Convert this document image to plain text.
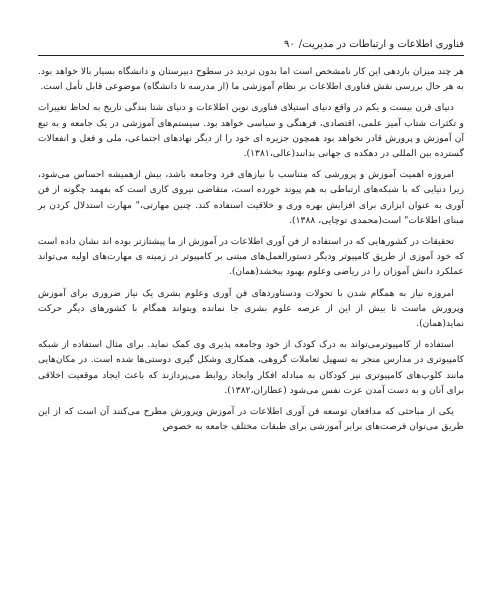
فناوری اطلاعات و ارتباطات در مدیریت/
۹۰

هر چند میزان بازدهی این کار نامشخص است اما بدون تردید در سطوح دبیرستان و دانشگاه بسیار بالا خواهد بود. به هر حال بررسی نقش فناوری اطلاعات بر نظام آموزشی ما (از مدرسه تا دانشگاه) موضوعی قابل تأمل است.

دنیای قرن بیست و یکم در واقع دنیای استیلای فناوری نوین اطلاعات و دنیای شتا بندگی تاریخ به لحاظ تغییرات و تکثرات شتاب آمیز علمی، اقتصادی، فرهنگی و سیاسی خواهد بود. سیستم‌های آموزشی در یک جامعه و به تبع آن آموزش و پرورش قادر نخواهد بود همچون جزیره ای خود را از دیگر نهادهای اجتماعی، ملی و فعل و انفعالات گسترده بین المللی در دهکده ی جهانی بدانند(عالی،۱۳۸۱).

امروزه اهمیت آموزش و پرورشی که متناسب با نیازهای فرد وجامعه باشد، بیش ازهمیشه احساس می‌شود، زیرا دنیایی که با شبکه‌های ارتباطی به هم پیوند خورده است، متقاضی نیروی کاری است که بفهمد چگونه از فن آوری به عنوان ابزاری برای افزایش بهره وری و خلاقیت استفاده کند. چنین مهارتی،" مهارت استدلال کردن بر مبنای اطلاعات" است(محمدی توچایی، ۱۳۸۸).

تحقیقات در کشورهایی که در استفاده از فن آوری اطلاعات در آموزش از ما پیشتازتر بوده اند نشان داده است که خود آموزی از طریق کامپیوتر ودیگر دستورالعمل‌های مبتنی بر کامپیوتر در زمینه ی مهارت‌های اولیه می‌تواند عملکرد دانش آموزان را در ریاضی وعلوم بهبود ببخشد(همان).

امروزه نیاز به همگام شدن با تحولات ودستاوردهای فن آوری وعلوم بشری یک نیاز ضروری برای آموزش وپرورش ماست تا بیش از این از عرصه علوم بشری جا نمانده وبتواند همگام با کشورهای دیگر حرکت نماید(همان).

استفاده از کامپیوترمی‌تواند به درک کودک از خود وجامعه پذیری وی کمک نماید. برای مثال استفاده از شبکه کامپیوتری در مدارس منجر به تسهیل تعاملات گروهی، همکاری وشکل گیری دوستی‌ها شده است. در مکان‌هایی مانند کلوپ‌های کامپیوتری نیز کودکان به مبادله افکار وایجاد روابط می‌پردازند که باعث ایجاد موقعیت اخلاقی برای آنان و به دست آمدن عزت نفس می‌شود (عطاران،۱۳۸۲).

یکی از مباحثی که مدافعان توسعه فن آوری اطلاعات در آموزش وپرورش مطرح می‌کنند آن است که از این طریق می‌توان فرصت‌های برابر آموزشی برای طبقات مختلف جامعه به خصوص
